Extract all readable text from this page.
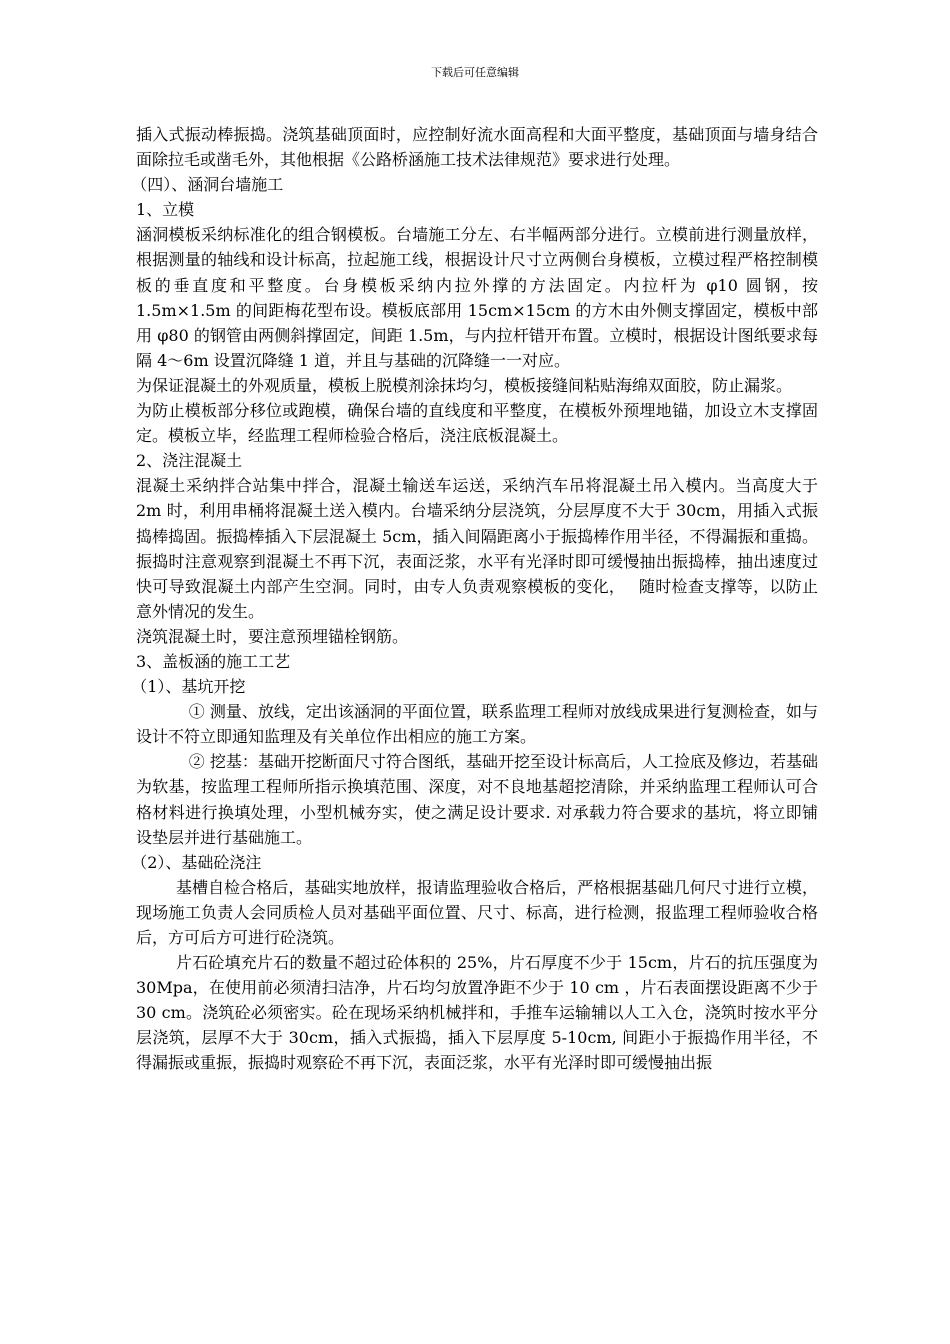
下载后可任意编辑

插入式振动棒振捣。浇筑基础顶面时，应控制好流水面高程和大面平整度，基础顶面与墙身结合面除拉毛或凿毛外，其他根据《公路桥涵施工技术法律规范》要求进行处理。

（四）、涵洞台墙施工

1、立模

涵洞模板采纳标准化的组合钢模板。台墙施工分左、右半幅两部分进行。立模前进行测量放样，根据测量的轴线和设计标高，拉起施工线，根据设计尺寸立两侧台身模板，立模过程严格控制模板的垂直度和平整度。台身模板采纳内拉外撑的方法固定。内拉杆为 φ10 圆钢，按 1.5m×1.5m 的间距梅花型布设。模板底部用 15cm×15cm 的方木由外侧支撑固定，模板中部用 φ80 的钢管由两侧斜撑固定，间距 1.5m，与内拉杆错开布置。立模时，根据设计图纸要求每隔 4～6m 设置沉降缝 1 道，并且与基础的沉降缝一一对应。

为保证混凝土的外观质量，模板上脱模剂涂抹均匀，模板接缝间粘贴海绵双面胶，防止漏浆。

为防止模板部分移位或跑模，确保台墙的直线度和平整度，在模板外预埋地锚，加设立木支撑固定。模板立毕，经监理工程师检验合格后，浇注底板混凝土。

2、浇注混凝土

混凝土采纳拌合站集中拌合，混凝土输送车运送，采纳汽车吊将混凝土吊入模内。当高度大于 2m 时，利用串桶将混凝土送入模内。台墙采纳分层浇筑，分层厚度不大于 30cm，用插入式振捣棒捣固。振捣棒插入下层混凝土 5cm，插入间隔距离小于振捣棒作用半径，不得漏振和重捣。振捣时注意观察到混凝土不再下沉，表面泛浆，水平有光泽时即可缓慢抽出振捣棒，抽出速度过快可导致混凝土内部产生空洞。同时，由专人负责观察模板的变化，　 随时检查支撑等，以防止意外情况的发生。

浇筑混凝土时，要注意预埋锚栓钢筋。

3、盖板涵的施工工艺

（1）、基坑开挖

① 测量、放线，定出该涵洞的平面位置，联系监理工程师对放线成果进行复测检查，如与设计不符立即通知监理及有关单位作出相应的施工方案。

② 挖基：基础开挖断面尺寸符合图纸，基础开挖至设计标高后，人工捡底及修边，若基础为软基，按监理工程师所指示换填范围、深度，对不良地基超挖清除，并采纳监理工程师认可合格材料进行换填处理，小型机械夯实，使之满足设计要求. 对承载力符合要求的基坑，将立即铺设垫层并进行基础施工。

（2）、基础砼浇注

基槽自检合格后，基础实地放样，报请监理验收合格后，严格根据基础几何尺寸进行立模，现场施工负责人会同质检人员对基础平面位置、尺寸、标高，进行检测，报监理工程师验收合格后，方可后方可进行砼浇筑。

片石砼填充片石的数量不超过砼体积的 25%，片石厚度不少于 15cm，片石的抗压强度为 30Mpa，在使用前必须清扫洁净，片石均匀放置净距不少于 10 cm ，片石表面摆设距离不少于 30 cm。浇筑砼必须密实。砼在现场采纳机械拌和，手推车运输辅以人工入仓，浇筑时按水平分层浇筑，层厚不大于 30cm，插入式振捣，插入下层厚度 5-10cm, 间距小于振捣作用半径，不得漏振或重振，振捣时观察砼不再下沉，表面泛浆，水平有光泽时即可缓慢抽出振
